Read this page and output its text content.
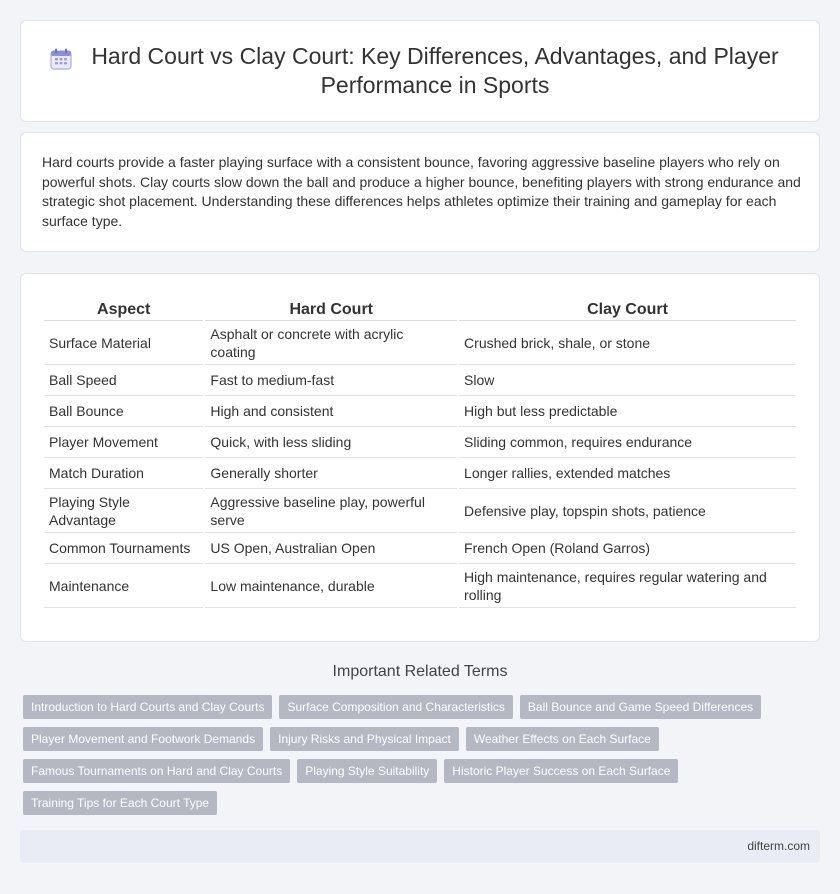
Hard Court vs Clay Court: Key Differences, Advantages, and Player Performance in Sports

Hard courts provide a faster playing surface with a consistent bounce, favoring aggressive baseline players who rely on powerful shots. Clay courts slow down the ball and produce a higher bounce, benefiting players with strong endurance and strategic shot placement. Understanding these differences helps athletes optimize their training and gameplay for each surface type.

Aspect	Hard Court	Clay Court
Surface Material	Asphalt or concrete with acrylic coating	Crushed brick, shale, or stone
Ball Speed	Fast to medium-fast	Slow
Ball Bounce	High and consistent	High but less predictable
Player Movement	Quick, with less sliding	Sliding common, requires endurance
Match Duration	Generally shorter	Longer rallies, extended matches
Playing Style Advantage	Aggressive baseline play, powerful serve	Defensive play, topspin shots, patience
Common Tournaments	US Open, Australian Open	French Open (Roland Garros)
Maintenance	Low maintenance, durable	High maintenance, requires regular watering and rolling
Important Related Terms
Introduction to Hard Courts and Clay Courts	Surface Composition and Characteristics	Ball Bounce and Game Speed Differences
Player Movement and Footwork Demands	Injury Risks and Physical Impact	Weather Effects on Each Surface
Famous Tournaments on Hard and Clay Courts	Playing Style Suitability	Historic Player Success on Each Surface
Training Tips for Each Court Type
difterm.com
